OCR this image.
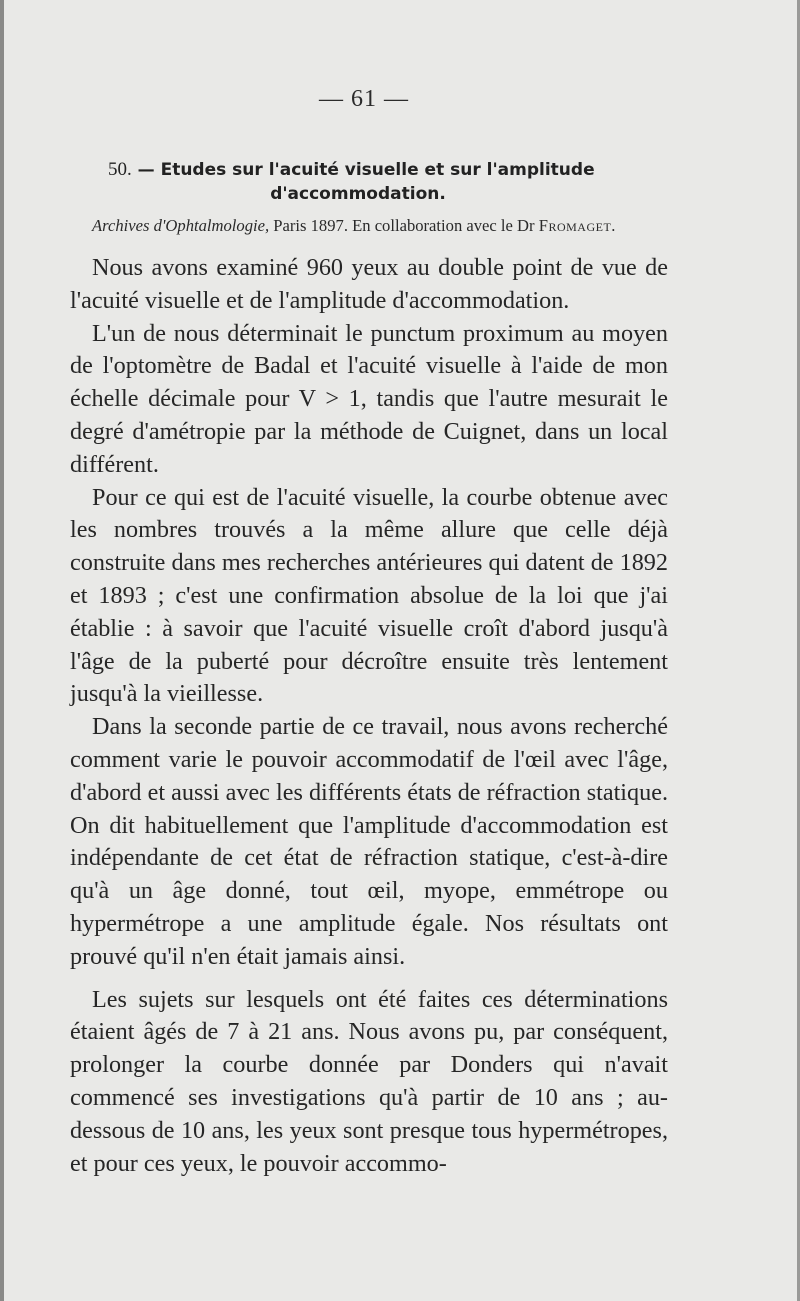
— 61 —
50. — Etudes sur l'acuité visuelle et sur l'amplitude
d'accommodation.
Archives d'Ophtalmologie, Paris 1897. En collaboration avec le Dr Fromaget.

Nous avons examiné 960 yeux au double point de vue de l'acuité visuelle et de l'amplitude d'accommodation.

L'un de nous déterminait le punctum proximum au moyen de l'optomètre de Badal et l'acuité visuelle à l'aide de mon échelle décimale pour V > 1, tandis que l'autre mesurait le degré d'amétropie par la méthode de Cuignet, dans un local différent.

Pour ce qui est de l'acuité visuelle, la courbe obtenue avec les nombres trouvés a la même allure que celle déjà construite dans mes recherches antérieures qui datent de 1892 et 1893 ; c'est une confirmation absolue de la loi que j'ai établie : à savoir que l'acuité visuelle croît d'abord jusqu'à l'âge de la puberté pour décroître ensuite très lentement jusqu'à la vieillesse.

Dans la seconde partie de ce travail, nous avons recherché comment varie le pouvoir accommodatif de l'œil avec l'âge, d'abord et aussi avec les différents états de réfraction statique. On dit habituellement que l'amplitude d'accommodation est indépendante de cet état de réfraction statique, c'est-à-dire qu'à un âge donné, tout œil, myope, emmétrope ou hypermétrope a une amplitude égale. Nos résultats ont prouvé qu'il n'en était jamais ainsi.

Les sujets sur lesquels ont été faites ces déterminations étaient âgés de 7 à 21 ans. Nous avons pu, par conséquent, prolonger la courbe donnée par Donders qui n'avait commencé ses investigations qu'à partir de 10 ans ; au-dessous de 10 ans, les yeux sont presque tous hypermétropes, et pour ces yeux, le pouvoir accommo-
